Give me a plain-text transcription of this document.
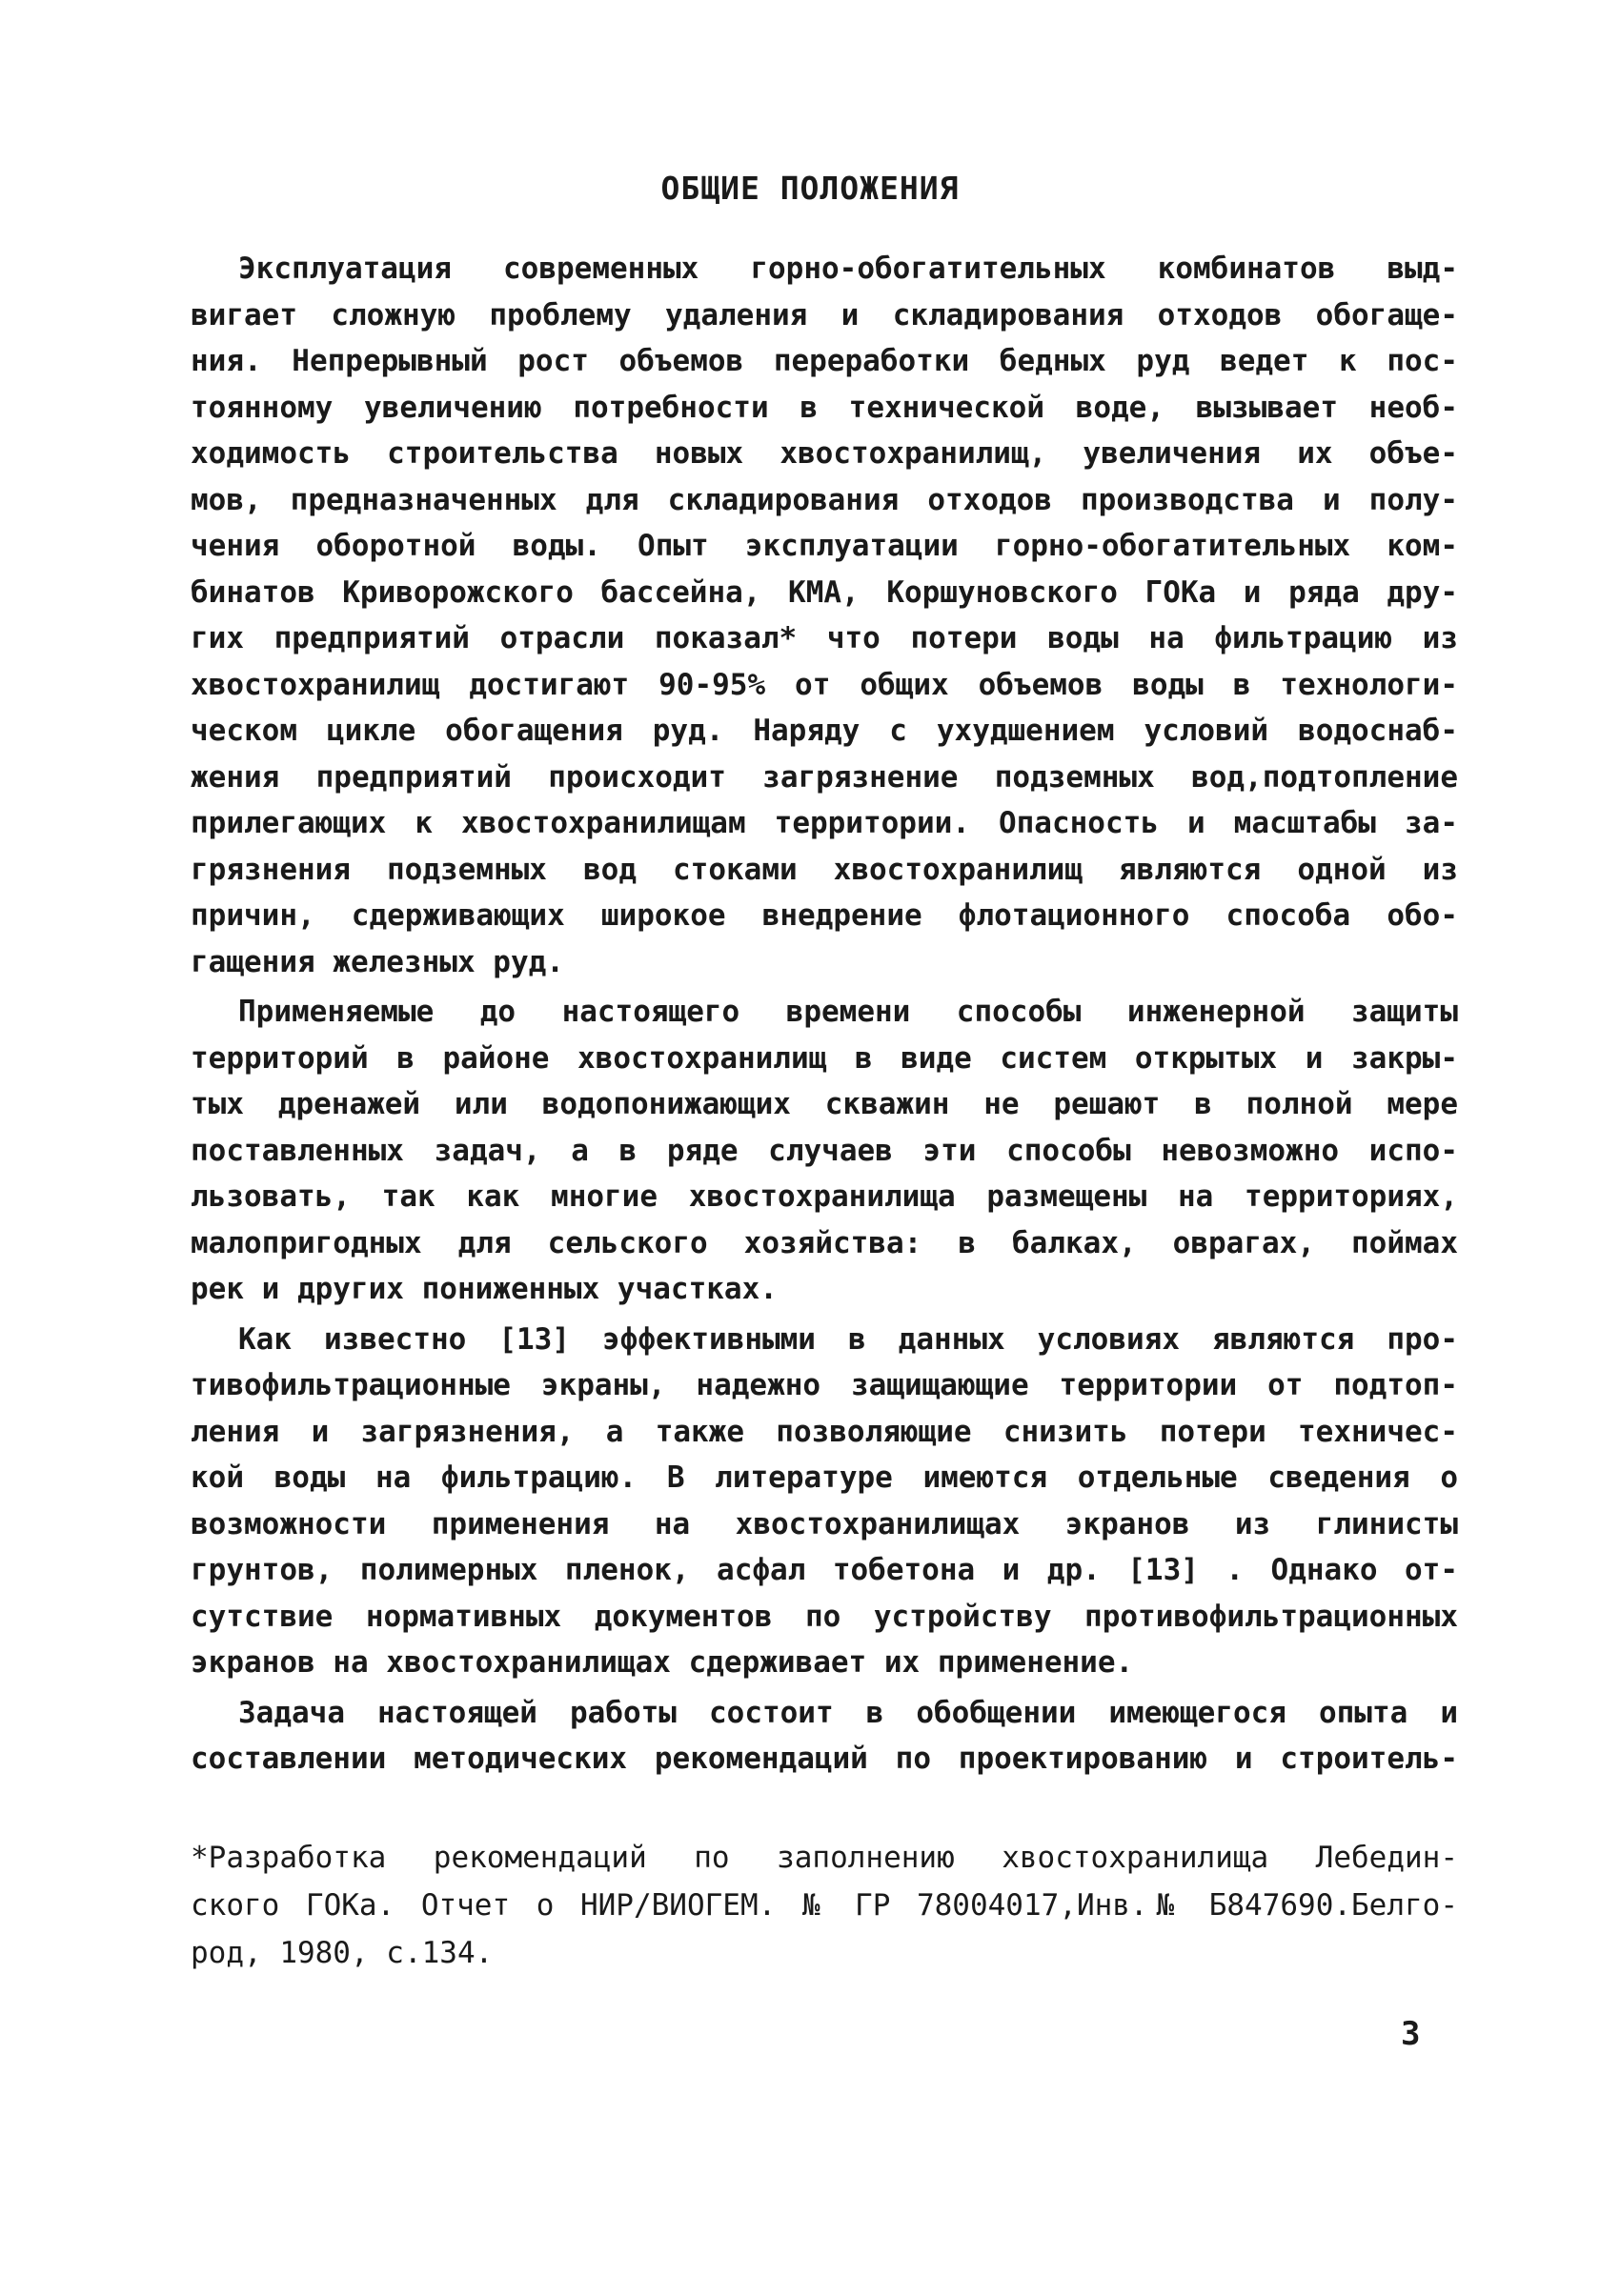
ОБЩИЕ ПОЛОЖЕНИЯ
Эксплуатация современных горно-обогатительных комбинатов выд-
вигает сложную проблему удаления и складирования отходов обогаще-
ния. Непрерывный рост объемов переработки бедных руд ведет к пос-
тоянному увеличению потребности в технической воде, вызывает необ-
ходимость строительства новых хвостохранилищ, увеличения их объе-
мов, предназначенных для складирования отходов производства и полу-
чения оборотной воды. Опыт эксплуатации горно-обогатительных ком-
бинатов Криворожского бассейна, КМА, Коршуновского ГОКа и ряда дру-
гих предприятий отрасли показал* что потери воды на фильтрацию из
хвостохранилищ достигают 90-95% от общих объемов воды в технологи-
ческом цикле обогащения руд. Наряду с ухудшением условий водоснаб-
жения предприятий происходит загрязнение подземных вод,подтопление
прилегающих к хвостохранилищам территории. Опасность и масштабы за-
грязнения подземных вод стоками хвостохранилищ являются одной из
причин, сдерживающих широкое внедрение флотационного способа обо-
гащения железных руд.
Применяемые до настоящего времени способы инженерной защиты
территорий в районе хвостохранилищ в виде систем открытых и закры-
тых дренажей или водопонижающих скважин не решают в полной мере
поставленных задач, а в ряде случаев эти способы невозможно испо-
льзовать, так как многие хвостохранилища размещены на территориях,
малопригодных для сельского хозяйства: в балках, оврагах, поймах
рек и других пониженных участках.
Как известно [13] эффективными в данных условиях являются про-
тивофильтрационные экраны, надежно защищающие территории от подтоп-
ления и загрязнения, а также позволяющие снизить потери техничес-
кой воды на фильтрацию. В литературе имеются отдельные сведения о
возможности применения на хвостохранилищах экранов из глинисты
грунтов, полимерных пленок, асфал тобетона и др. [13] . Однако от-
сутствие нормативных документов по устройству противофильтрационных
экранов на хвостохранилищах сдерживает их применение.
Задача настоящей работы состоит в обобщении имеющегося опыта и
составлении методических рекомендаций по проектированию и строитель-
*Разработка рекомендаций по заполнению хвостохранилища Лебедин-
ского ГОКа. Отчет о НИР/ВИОГЕМ. № ГР 78004017,Инв.№ Б847690.Белго-
род, 1980, с.134.
3
